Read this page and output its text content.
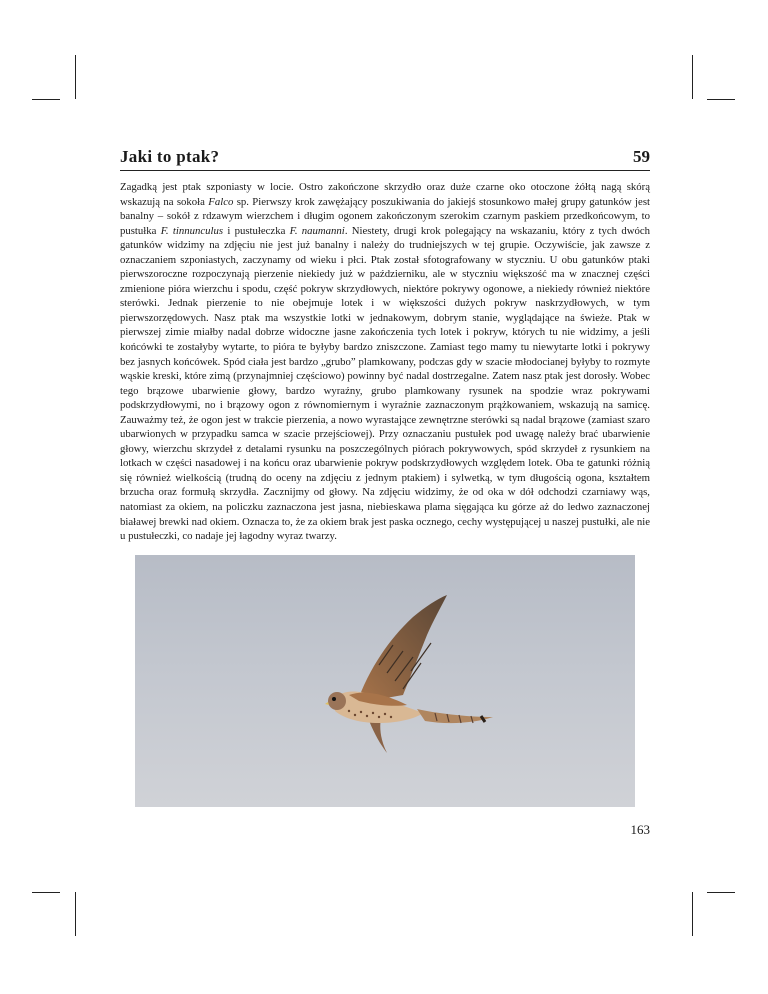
Jaki to ptak?	59

Zagadką jest ptak szponiasty w locie. Ostro zakończone skrzydło oraz duże czarne oko otoczone żółtą nagą skórą wskazują na sokoła Falco sp. Pierwszy krok zawężający poszukiwania do jakiejś stosunkowo małej grupy gatunków jest banalny – sokół z rdzawym wierzchem i długim ogonem zakończonym szerokim czarnym paskiem przedkońcowym, to pustułka F. tinnunculus i pustułeczka F. naumanni. Niestety, drugi krok polegający na wskazaniu, który z tych dwóch gatunków widzimy na zdjęciu nie jest już banalny i należy do trudniejszych w tej grupie. Oczywiście, jak zawsze z oznaczaniem szponiastych, zaczynamy od wieku i płci. Ptak został sfotografowany w styczniu. U obu gatunków ptaki pierwszoroczne rozpoczynają pierzenie niekiedy już w październiku, ale w styczniu większość ma w znacznej części zmienione pióra wierzchu i spodu, część pokryw skrzydłowych, niektóre pokrywy ogonowe, a niekiedy również niektóre sterówki. Jednak pierzenie to nie obejmuje lotek i w większości dużych pokryw naskrzydłowych, w tym pierwszorzędowych. Nasz ptak ma wszystkie lotki w jednakowym, dobrym stanie, wyglądające na świeże. Ptak w pierwszej zimie miałby nadal dobrze widoczne jasne zakończenia tych lotek i pokryw, których tu nie widzimy, a jeśli końcówki te zostałyby wytarte, to pióra te byłyby bardzo zniszczone. Zamiast tego mamy tu niewytarte lotki i pokrywy bez jasnych końcówek. Spód ciała jest bardzo „grubo” plamkowany, podczas gdy w szacie młodocianej byłyby to rozmyte wąskie kreski, które zimą (przynajmniej częściowo) powinny być nadal dostrzegalne. Zatem nasz ptak jest dorosły. Wobec tego brązowe ubarwienie głowy, bardzo wyraźny, grubo plamkowany rysunek na spodzie wraz pokrywami podskrzydłowymi, no i brązowy ogon z równomiernym i wyraźnie zaznaczonym prążkowaniem, wskazują na samicę. Zauważmy też, że ogon jest w trakcie pierzenia, a nowo wyrastające zewnętrzne sterówki są nadal brązowe (zamiast szaro ubarwionych w przypadku samca w szacie przejściowej). Przy oznaczaniu pustułek pod uwagę należy brać ubarwienie głowy, wierzchu skrzydeł z detalami rysunku na poszczególnych piórach pokrywowych, spód skrzydeł z rysunkiem na lotkach w części nasadowej i na końcu oraz ubarwienie pokryw podskrzydłowych względem lotek. Oba te gatunki różnią się również wielkością (trudną do oceny na zdjęciu z jednym ptakiem) i sylwetką, w tym długością ogona, kształtem brzucha oraz formułą skrzydła. Zacznijmy od głowy. Na zdjęciu widzimy, że od oka w dół odchodzi czarniawy wąs, natomiast za okiem, na policzku zaznaczona jest jasna, niebieskawa plama sięgająca ku górze aż do ledwo zaznaczonej białawej brewki nad okiem. Oznacza to, że za okiem brak jest paska ocznego, cechy występującej u naszej pustułki, ale nie u pustułeczki, co nadaje jej łagodny wyraz twarzy.

163
